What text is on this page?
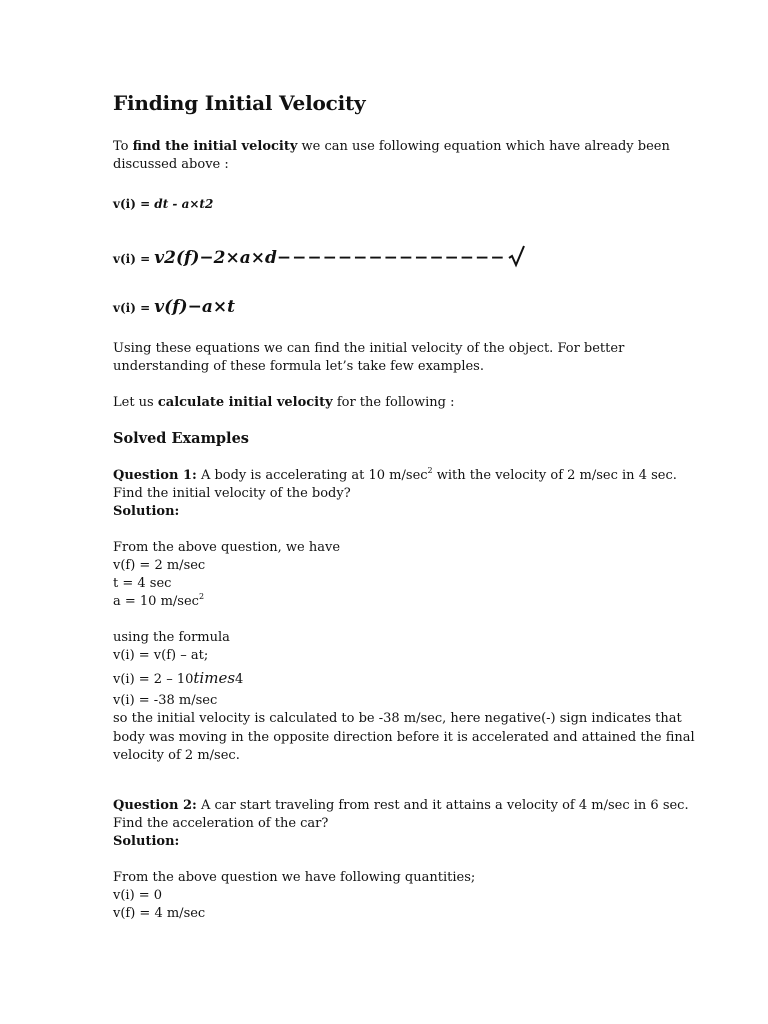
Finding Initial Velocity
To find the initial velocity we can use following equation which have already been
discussed above :
v(i) = dt - a×t2
v(i) = v2(f)−2×a×d−−−−−−−−−−−−−−−
v(i) = v(f)−a×t
Using these equations we can find the initial velocity of the object. For better
understanding of these formula let’s take few examples.
Let us calculate initial velocity for the following :
Solved Examples
Question 1: A body is accelerating at 10 $m/\sec^2$ with the velocity of 2 m/sec in 4 sec.
Find the initial velocity of the body?
Solution:
From the above question, we have
v(f) = 2 m/sec
t = 4 sec
a = 10 $m/\sec^2$
using the formula
v(i) = v(f) – at;
v(i) = 2 – 10times4
v(i) = -38 m/sec
so the initial velocity is calculated to be -38 m/sec, here negative(-) sign indicates that
body was moving in the opposite direction before it is accelerated and attained the final
velocity of 2 m/sec.
Question 2: A car start traveling from rest and it attains a velocity of 4 m/sec in 6 sec.
Find the acceleration of the car?
Solution:
From the above question we have following quantities;
v(i) = 0
v(f) = 4 m/sec
